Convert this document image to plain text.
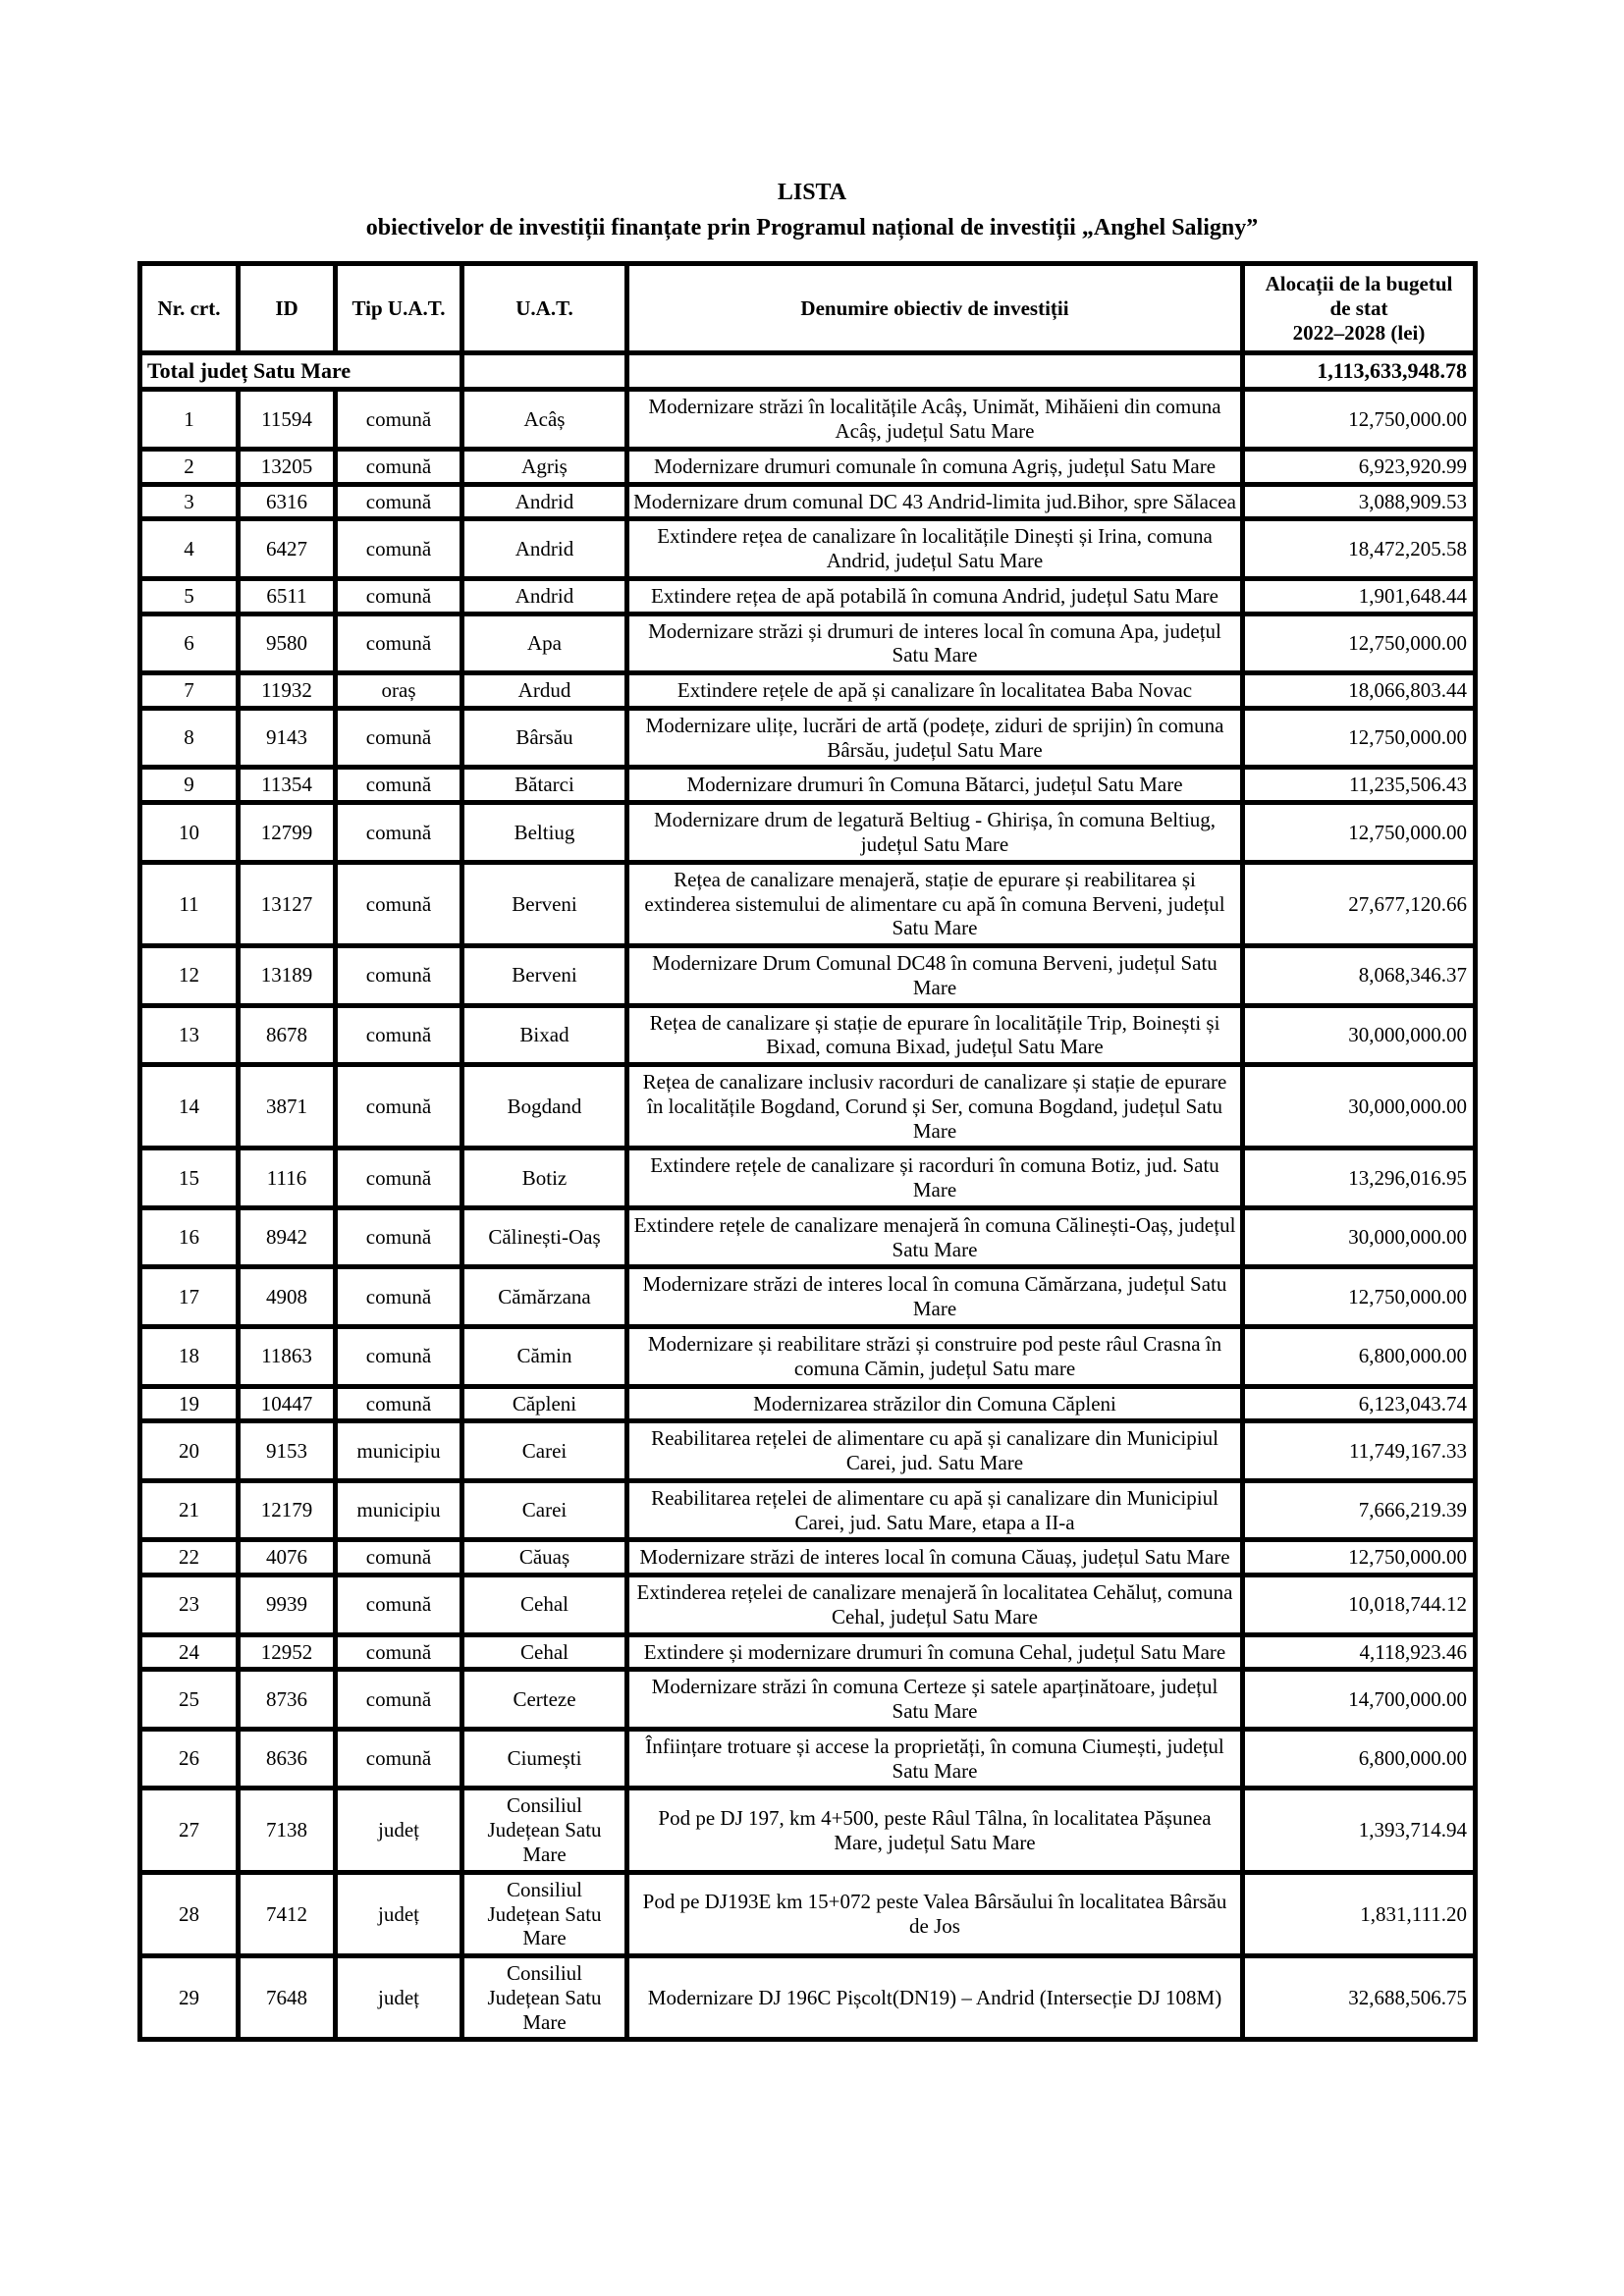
LISTA
obiectivelor de investiții finanțate prin Programul național de investiții „Anghel Saligny”
Nr. crt.	ID	Tip U.A.T.	U.A.T.	Denumire obiectiv de investiții	Alocații de la bugetul
de stat
2022–2028 (lei)

Total județ Satu Mare					1,113,633,948.78
1	11594	comună	Acâș	Modernizare străzi în localitățile Acâș, Unimăt, Mihăieni din comuna Acâș, județul Satu Mare	12,750,000.00
2	13205	comună	Agriș	Modernizare drumuri comunale în comuna Agriș, județul Satu Mare	6,923,920.99
3	6316	comună	Andrid	Modernizare drum comunal DC 43 Andrid-limita jud.Bihor, spre Sălacea	3,088,909.53
4	6427	comună	Andrid	Extindere rețea de canalizare în localitățile Dinești și Irina, comuna Andrid, județul Satu Mare	18,472,205.58
5	6511	comună	Andrid	Extindere rețea de apă potabilă în comuna Andrid, județul Satu Mare	1,901,648.44
6	9580	comună	Apa	Modernizare străzi și drumuri de interes local în comuna Apa, județul Satu Mare	12,750,000.00
7	11932	oraș	Ardud	Extindere rețele de apă și canalizare în localitatea Baba Novac	18,066,803.44
8	9143	comună	Bârsău	Modernizare ulițe, lucrări de artă (podețe, ziduri de sprijin) în comuna Bârsău, județul Satu Mare	12,750,000.00
9	11354	comună	Bătarci	Modernizare drumuri în Comuna Bătarci, județul Satu Mare	11,235,506.43
10	12799	comună	Beltiug	Modernizare drum de legatură Beltiug - Ghirișa, în comuna Beltiug, județul Satu Mare	12,750,000.00
11	13127	comună	Berveni	Rețea de canalizare menajeră, stație de epurare și reabilitarea și extinderea sistemului de alimentare cu apă în comuna Berveni, județul Satu Mare	27,677,120.66
12	13189	comună	Berveni	Modernizare Drum Comunal DC48 în comuna Berveni, județul Satu Mare	8,068,346.37
13	8678	comună	Bixad	Rețea de canalizare și stație de epurare în localitățile Trip, Boinești și Bixad, comuna Bixad, județul Satu Mare	30,000,000.00
14	3871	comună	Bogdand	Rețea de canalizare inclusiv racorduri de canalizare și stație de epurare în localitățile Bogdand, Corund și Ser, comuna Bogdand, județul Satu Mare	30,000,000.00
15	1116	comună	Botiz	Extindere rețele de canalizare și racorduri în comuna Botiz, jud. Satu Mare	13,296,016.95
16	8942	comună	Călinești-Oaș	Extindere rețele de canalizare menajeră în comuna Călinești-Oaș, județul Satu Mare	30,000,000.00
17	4908	comună	Cămărzana	Modernizare străzi de interes local în comuna Cămărzana, județul Satu Mare	12,750,000.00
18	11863	comună	Cămin	Modernizare și reabilitare străzi și construire pod peste râul Crasna în comuna Cămin, județul Satu mare	6,800,000.00
19	10447	comună	Căpleni	Modernizarea străzilor din Comuna Căpleni	6,123,043.74
20	9153	municipiu	Carei	Reabilitarea rețelei de alimentare cu apă și canalizare din Municipiul Carei, jud. Satu Mare	11,749,167.33
21	12179	municipiu	Carei	Reabilitarea rețelei de alimentare cu apă și canalizare din Municipiul Carei, jud. Satu Mare, etapa a II-a	7,666,219.39
22	4076	comună	Căuaș	Modernizare străzi de interes local în comuna Căuaș, județul Satu Mare	12,750,000.00
23	9939	comună	Cehal	Extinderea rețelei de canalizare menajeră în localitatea Cehăluț, comuna Cehal, județul Satu Mare	10,018,744.12
24	12952	comună	Cehal	Extindere și modernizare drumuri în comuna Cehal, județul Satu Mare	4,118,923.46
25	8736	comună	Certeze	Modernizare străzi în comuna Certeze și satele aparținătoare, județul Satu Mare	14,700,000.00
26	8636	comună	Ciumești	Înființare trotuare și accese la proprietăți, în comuna Ciumești, județul Satu Mare	6,800,000.00
27	7138	județ	Consiliul Județean Satu Mare	Pod pe DJ 197, km 4+500, peste Râul Tâlna, în localitatea Pășunea Mare, județul Satu Mare	1,393,714.94
28	7412	județ	Consiliul Județean Satu Mare	Pod pe DJ193E km 15+072 peste Valea Bârsăului în localitatea Bârsău de Jos	1,831,111.20
29	7648	județ	Consiliul Județean Satu Mare	Modernizare DJ 196C Pișcolt(DN19) – Andrid (Intersecție DJ 108M)	32,688,506.75
